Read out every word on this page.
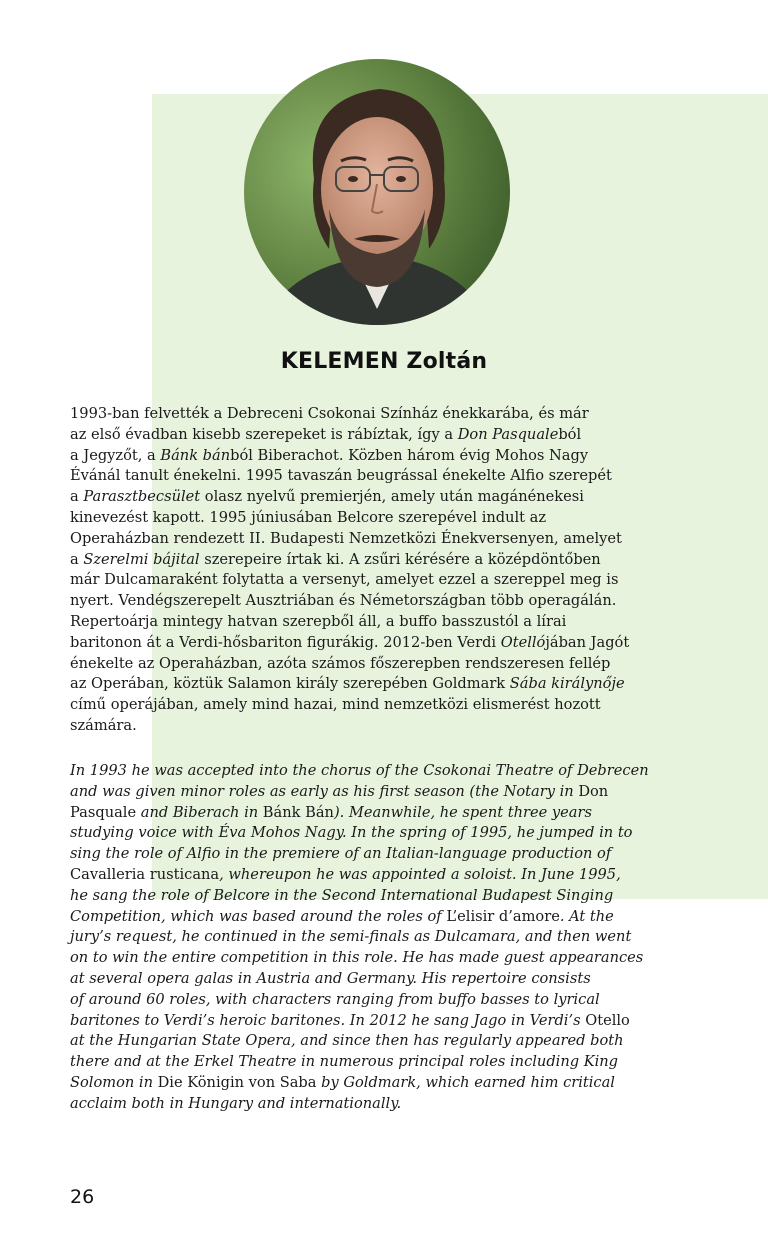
KELEMEN Zoltán
1993-ban felvették a Debreceni Csokonai Színház énekkarába, és már
az első évadban kisebb szerepeket is rábíztak, így a Don Pasqualeból
a Jegyzőt, a Bánk bánból Biberachot. Közben három évig Mohos Nagy
Évánál tanult énekelni. 1995 tavaszán beugrással énekelte Alfio szerepét
a Parasztbecsület olasz nyelvű premierjén, amely után magánénekesi
kinevezést kapott. 1995 júniusában Belcore szerepével indult az
Operaházban rendezett II. Budapesti Nemzetközi Énekversenyen, amelyet
a Szerelmi bájital szerepeire írtak ki. A zsűri kérésére a középdöntőben
már Dulcamaraként folytatta a versenyt, amelyet ezzel a szereppel meg is
nyert. Vendégszerepelt Ausztriában és Németországban több operagálán.
Repertoárja mintegy hatvan szerepből áll, a buffo basszustól a lírai
baritonon át a Verdi-hősbariton figurákig. 2012-ben Verdi Otellójában Jagót
énekelte az Operaházban, azóta számos főszerepben rendszeresen fellép
az Operában, köztük Salamon király szerepében Goldmark Sába királynője
című operájában, amely mind hazai, mind nemzetközi elismerést hozott
számára.
In 1993 he was accepted into the chorus of the Csokonai Theatre of Debrecen
and was given minor roles as early as his first season (the Notary in Don
Pasquale and Biberach in Bánk Bán). Meanwhile, he spent three years
studying voice with Éva Mohos Nagy. In the spring of 1995, he jumped in to
sing the role of Alfio in the premiere of an Italian-language production of
Cavalleria rusticana, whereupon he was appointed a soloist. In June 1995,
he sang the role of Belcore in the Second International Budapest Singing
Competition, which was based around the roles of L’elisir d’amore. At the
jury’s request, he continued in the semi-finals as Dulcamara, and then went
on to win the entire competition in this role. He has made guest appearances
at several opera galas in Austria and Germany. His repertoire consists
of around 60 roles, with characters ranging from buffo basses to lyrical
baritones to Verdi’s heroic baritones. In 2012 he sang Jago in Verdi’s Otello
at the Hungarian State Opera, and since then has regularly appeared both
there and at the Erkel Theatre in numerous principal roles including King
Solomon in Die Königin von Saba by Goldmark, which earned him critical
acclaim both in Hungary and internationally.
26
